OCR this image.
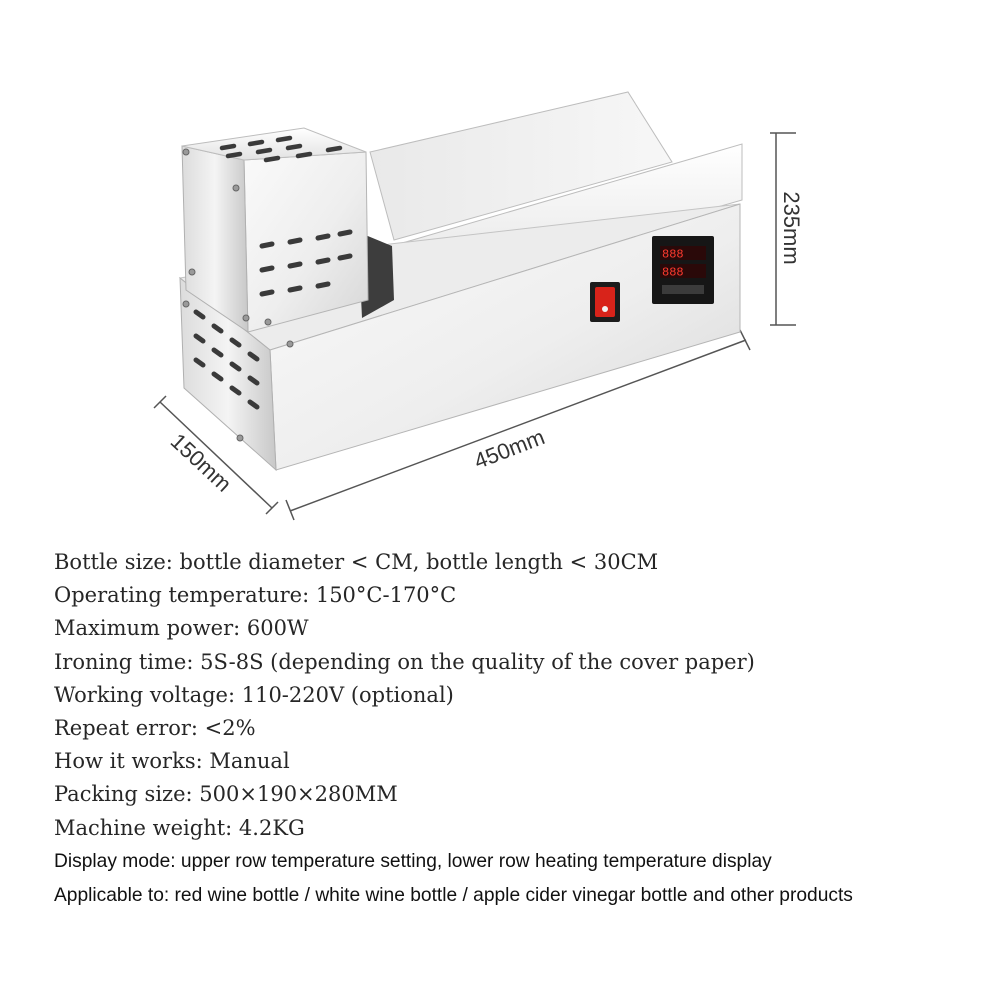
235mm
450mm
150mm
888
888
Bottle size: bottle diameter < CM, bottle length < 30CM
Operating temperature: 150°C-170°C
Maximum power: 600W
Ironing time: 5S-8S (depending on the quality of the cover paper)
Working voltage: 110-220V (optional)
Repeat error: <2%
How it works: Manual
Packing size: 500×190×280MM
Machine weight: 4.2KG
Display mode: upper row temperature setting, lower row heating temperature display
Applicable to: red wine bottle / white wine bottle / apple cider vinegar bottle and other products
